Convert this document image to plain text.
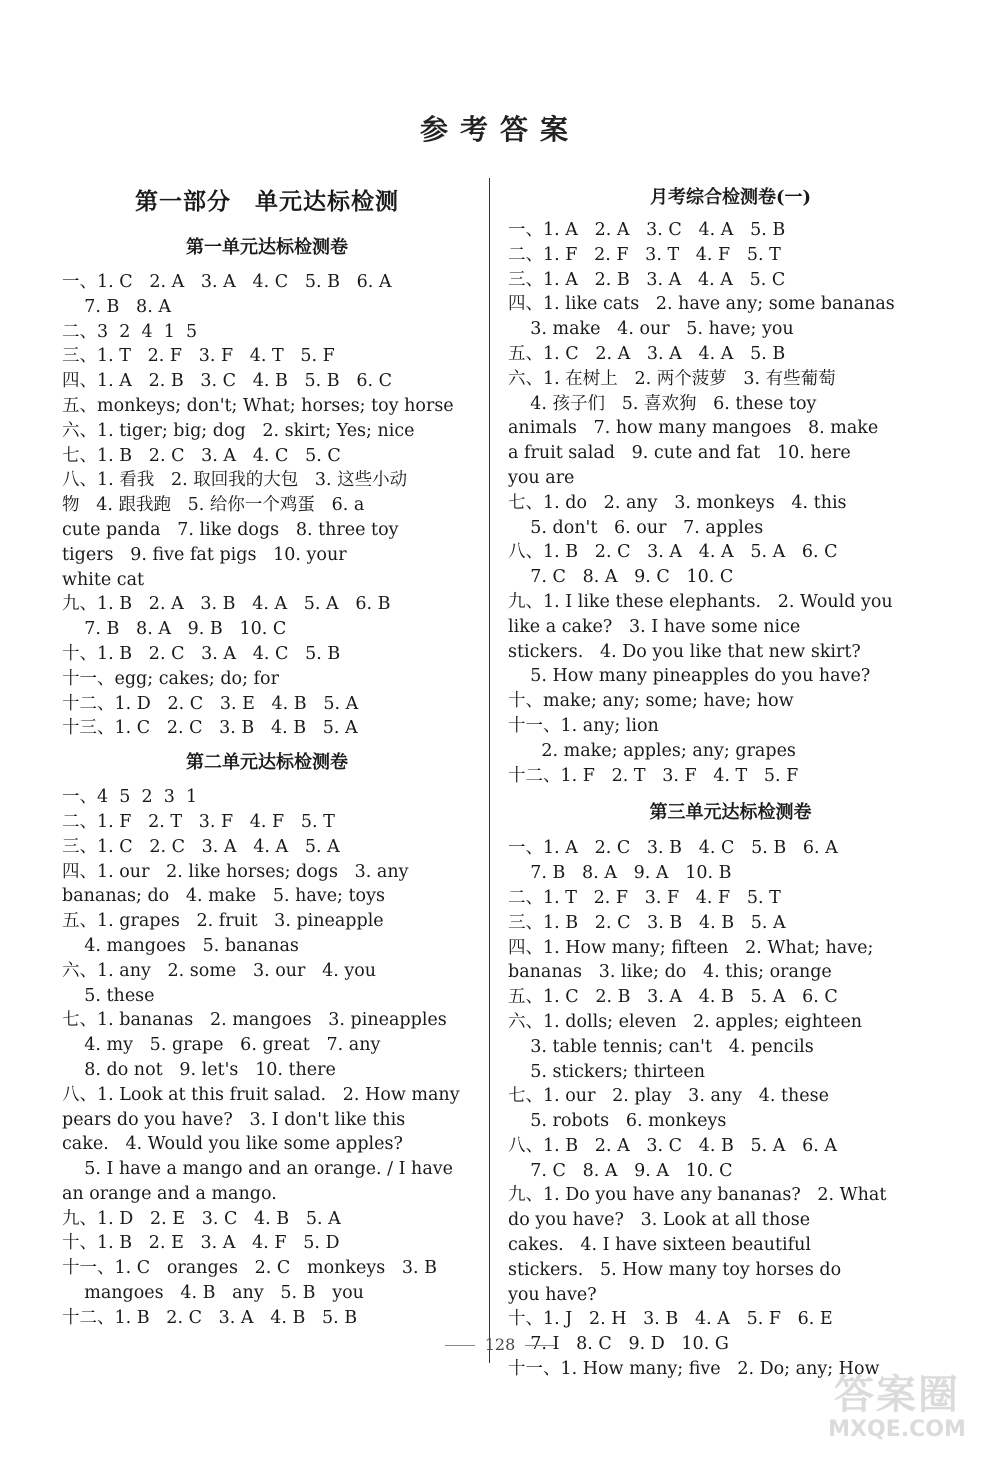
参考答案
第一部分 单元达标检测
第一单元达标检测卷
一、1. C   2. A   3. A   4. C   5. B   6. A
7. B   8. A
二、3  2  4  1  5
三、1. T   2. F   3. F   4. T   5. F
四、1. A   2. B   3. C   4. B   5. B   6. C
五、monkeys; don't; What; horses; toy horse
六、1. tiger; big; dog   2. skirt; Yes; nice
七、1. B   2. C   3. A   4. C   5. C
八、1. 看我   2. 取回我的大包   3. 这些小动
物   4. 跟我跑   5. 给你一个鸡蛋   6. a
cute panda   7. like dogs   8. three toy
tigers   9. five fat pigs   10. your
white cat
九、1. B   2. A   3. B   4. A   5. A   6. B
7. B   8. A   9. B   10. C
十、1. B   2. C   3. A   4. C   5. B
十一、egg; cakes; do; for
十二、1. D   2. C   3. E   4. B   5. A
十三、1. C   2. C   3. B   4. B   5. A
第二单元达标检测卷
一、4  5  2  3  1
二、1. F   2. T   3. F   4. F   5. T
三、1. C   2. C   3. A   4. A   5. A
四、1. our   2. like horses; dogs   3. any
bananas; do   4. make   5. have; toys
五、1. grapes   2. fruit   3. pineapple
4. mangoes   5. bananas
六、1. any   2. some   3. our   4. you
5. these
七、1. bananas   2. mangoes   3. pineapples
4. my   5. grape   6. great   7. any
8. do not   9. let's   10. there
八、1. Look at this fruit salad.   2. How many
pears do you have?   3. I don't like this
cake.   4. Would you like some apples?
5. I have a mango and an orange. / I have
an orange and a mango.
九、1. D   2. E   3. C   4. B   5. A
十、1. B   2. E   3. A   4. F   5. D
十一、1. C   oranges   2. C   monkeys   3. B
mangoes   4. B   any   5. B   you
十二、1. B   2. C   3. A   4. B   5. B
月考综合检测卷(一)
一、1. A   2. A   3. C   4. A   5. B
二、1. F   2. F   3. T   4. F   5. T
三、1. A   2. B   3. A   4. A   5. C
四、1. like cats   2. have any; some bananas
3. make   4. our   5. have; you
五、1. C   2. A   3. A   4. A   5. B
六、1. 在树上   2. 两个菠萝   3. 有些葡萄
4. 孩子们   5. 喜欢狗   6. these toy
animals   7. how many mangoes   8. make
a fruit salad   9. cute and fat   10. here
you are
七、1. do   2. any   3. monkeys   4. this
5. don't   6. our   7. apples
八、1. B   2. C   3. A   4. A   5. A   6. C
7. C   8. A   9. C   10. C
九、1. I like these elephants.   2. Would you
like a cake?   3. I have some nice
stickers.   4. Do you like that new skirt?
5. How many pineapples do you have?
十、make; any; some; have; how
十一、1. any; lion
2. make; apples; any; grapes
十二、1. F   2. T   3. F   4. T   5. F
第三单元达标检测卷
一、1. A   2. C   3. B   4. C   5. B   6. A
7. B   8. A   9. A   10. B
二、1. T   2. F   3. F   4. F   5. T
三、1. B   2. C   3. B   4. B   5. A
四、1. How many; fifteen   2. What; have;
bananas   3. like; do   4. this; orange
五、1. C   2. B   3. A   4. B   5. A   6. C
六、1. dolls; eleven   2. apples; eighteen
3. table tennis; can't   4. pencils
5. stickers; thirteen
七、1. our   2. play   3. any   4. these
5. robots   6. monkeys
八、1. B   2. A   3. C   4. B   5. A   6. A
7. C   8. A   9. A   10. C
九、1. Do you have any bananas?   2. What
do you have?   3. Look at all those
cakes.   4. I have sixteen beautiful
stickers.   5. How many toy horses do
you have?
十、1. J   2. H   3. B   4. A   5. F   6. E
7. I   8. C   9. D   10. G
十一、1. How many; five   2. Do; any; How
128
答案圈
MXQE.COM
